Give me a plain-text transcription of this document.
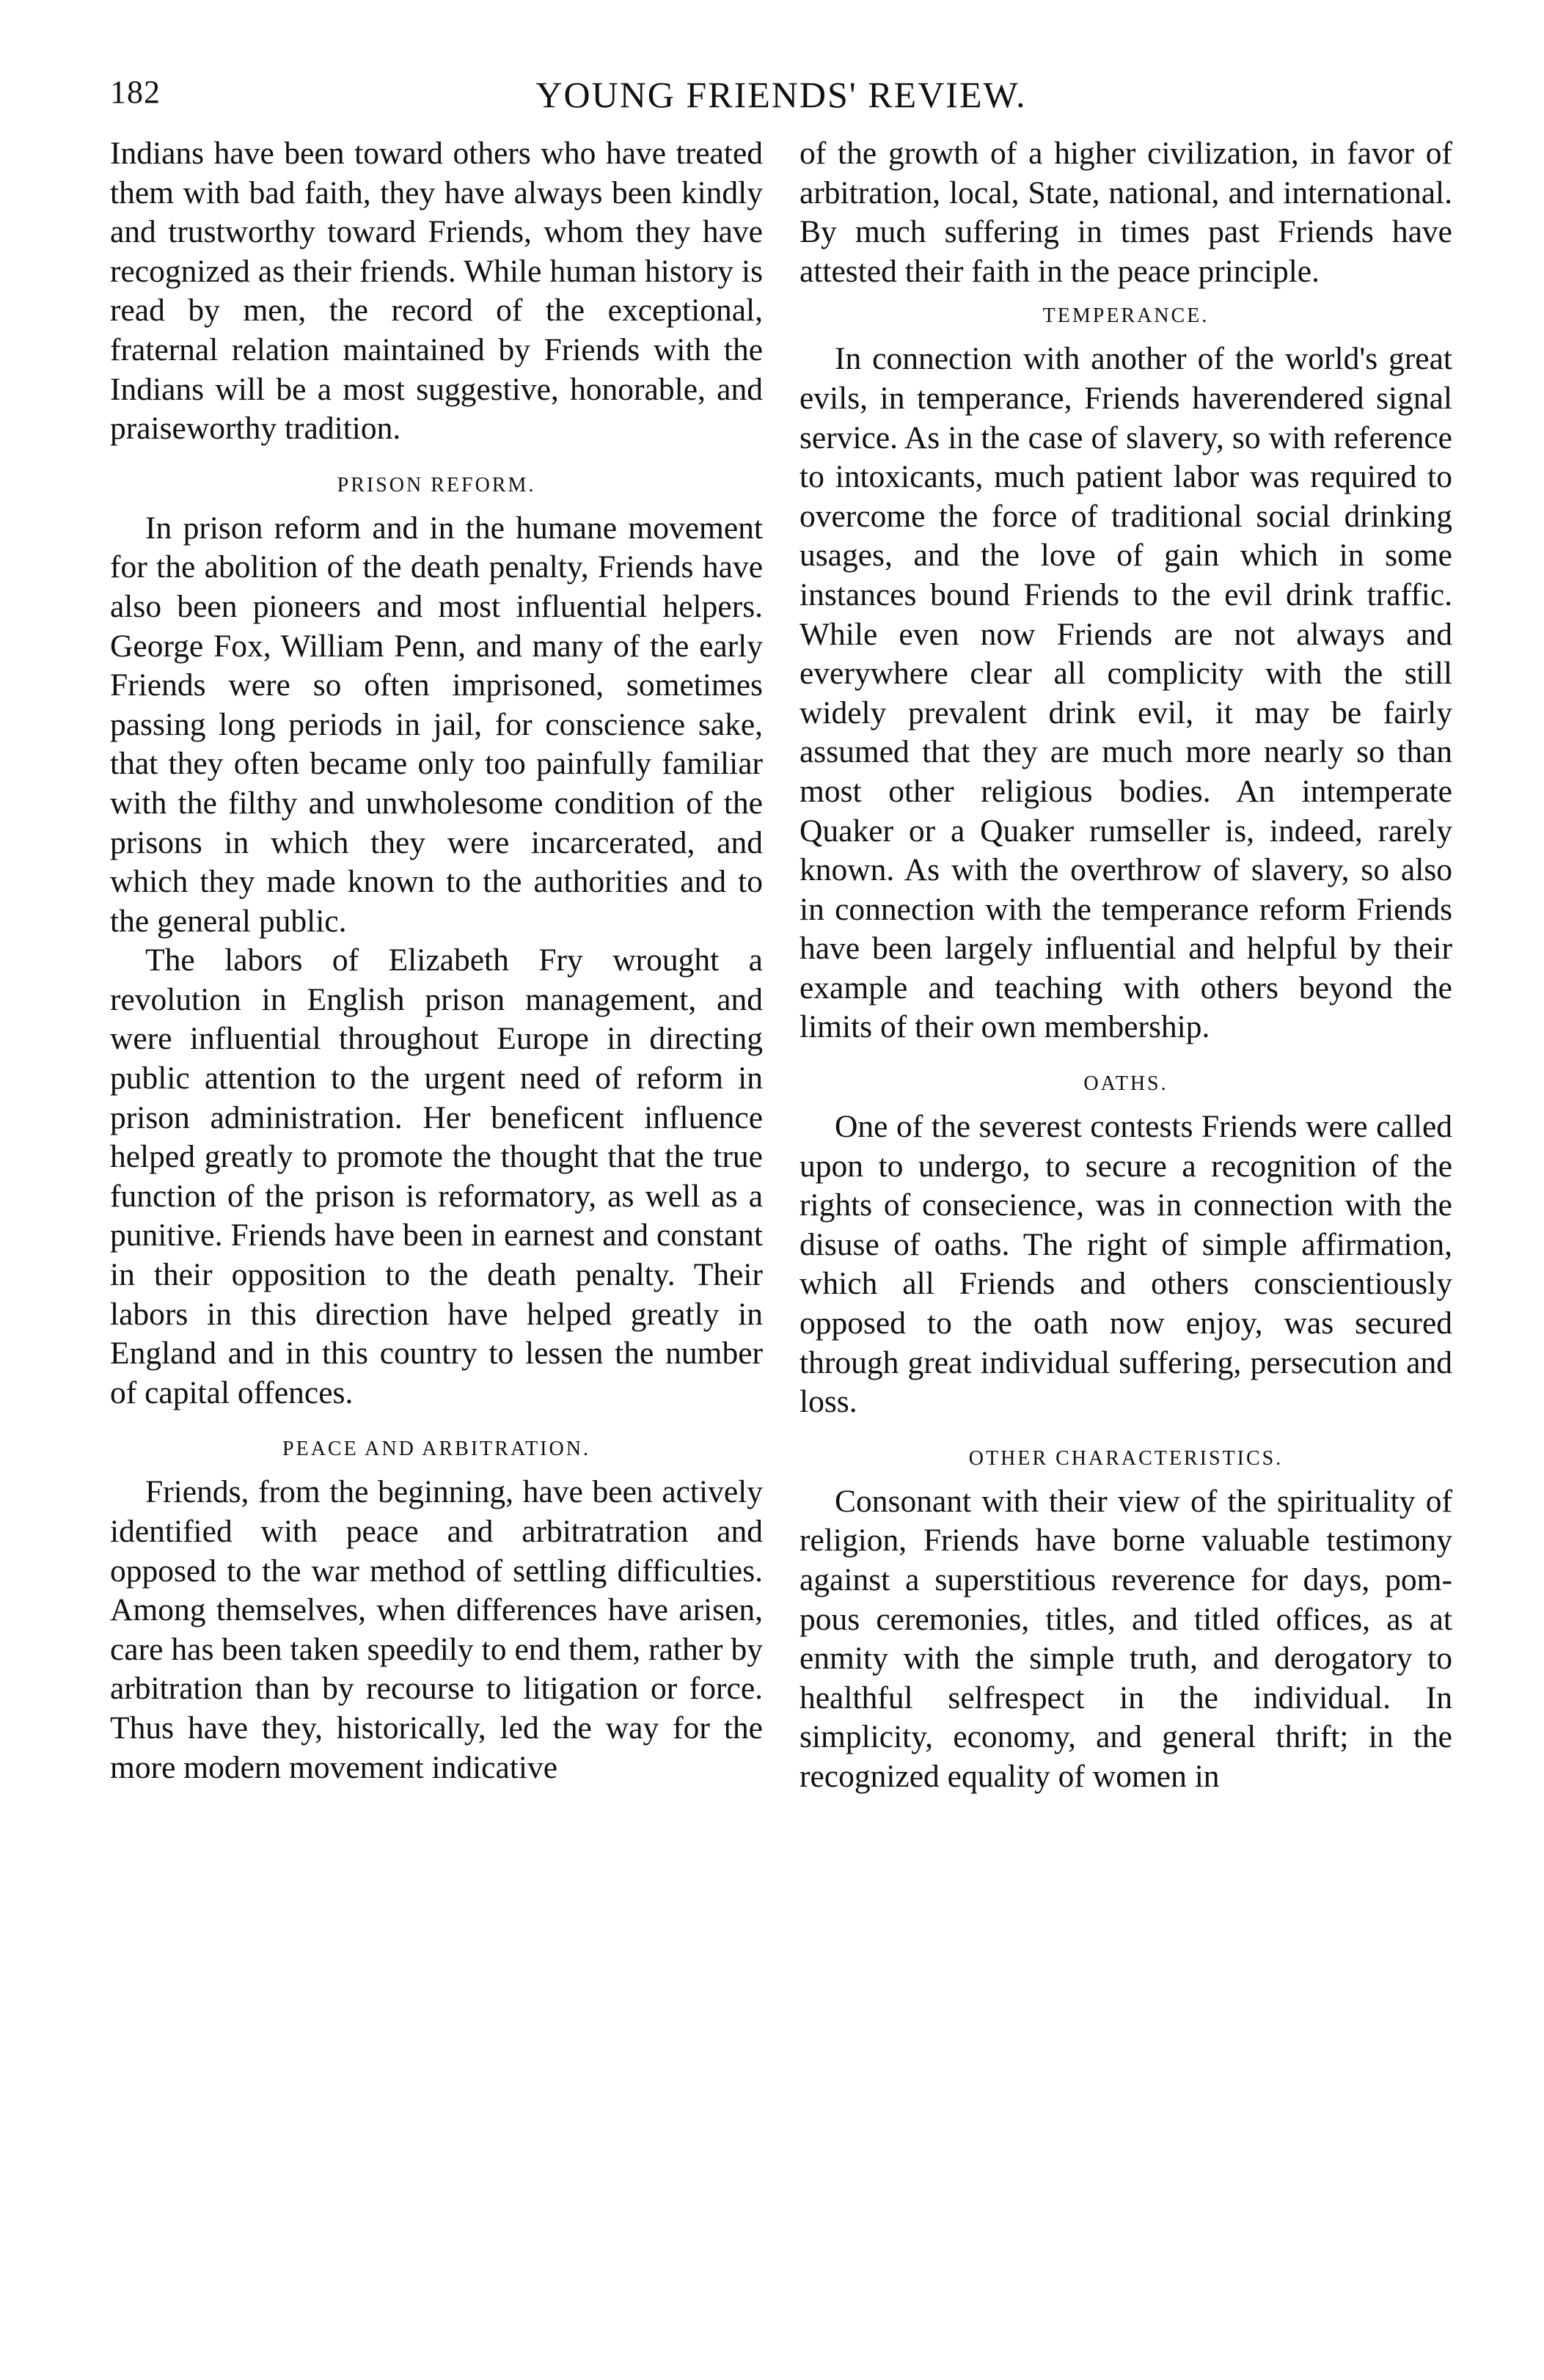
182	YOUNG FRIENDS' REVIEW.

Indians have been toward others who have treated them with bad faith, they have always been kindly and trustworthy toward Friends, whom they have recognized as their friends. While human history is read by men, the record of the exceptional, fraternal relation maintained by Friends with the Indians will be a most suggestive, honorable, and praiseworthy tradition.

PRISON REFORM.

In prison reform and in the humane movement for the abolition of the death penalty, Friends have also been pioneers and most influential helpers. George Fox, William Penn, and many of the early Friends were so often imprisoned, sometimes passing long periods in jail, for conscience sake, that they often became only too painfully familiar with the filthy and unwholesome condition of the prisons in which they were incarcerated, and which they made known to the authorities and to the general public.

The labors of Elizabeth Fry wrought a revolution in English prison management, and were influential throughout Europe in directing public attention to the urgent need of reform in prison administration. Her beneficent influence helped greatly to promote the thought that the true function of the prison is reformatory, as well as a punitive. Friends have been in earnest and constant in their opposition to the death penalty. Their labors in this direction have helped greatly in England and in this country to lessen the number of capital offences.

PEACE AND ARBITRATION.

Friends, from the beginning, have been actively identified with peace and arbitratration and opposed to the war method of settling difficulties. Among themselves, when differences have arisen, care has been taken speedily to end them, rather by arbitration than by recourse to litigation or force. Thus have they, historically, led the way for the more modern movement indicative

of the growth of a higher civilization, in favor of arbitration, local, State, national, and international. By much suffering in times past Friends have attested their faith in the peace principle.

TEMPERANCE.

In connection with another of the world's great evils, in temperance, Friends haverendered signal service. As in the case of slavery, so with reference to intoxicants, much patient labor was required to overcome the force of traditional social drinking usages, and the love of gain which in some instances bound Friends to the evil drink traffic. While even now Friends are not always and everywhere clear all complicity with the still widely prevalent drink evil, it may be fairly assumed that they are much more nearly so than most other religious bodies. An intemperate Quaker or a Quaker rumseller is, indeed, rarely known. As with the overthrow of slavery, so also in connection with the temperance reform Friends have been largely influential and helpful by their example and teaching with others beyond the limits of their own membership.

OATHS.

One of the severest contests Friends were called upon to undergo, to secure a recognition of the rights of consecience, was in connection with the disuse of oaths. The right of simple affirmation, which all Friends and others conscientiously opposed to the oath now enjoy, was secured through great individual suffering, persecution and loss.

OTHER CHARACTERISTICS.

Consonant with their view of the spirituality of religion, Friends have borne valuable testimony against a superstitious reverence for days, pompous ceremonies, titles, and titled offices, as at enmity with the simple truth, and derogatory to healthful selfrespect in the individual. In simplicity, economy, and general thrift; in the recognized equality of women in
